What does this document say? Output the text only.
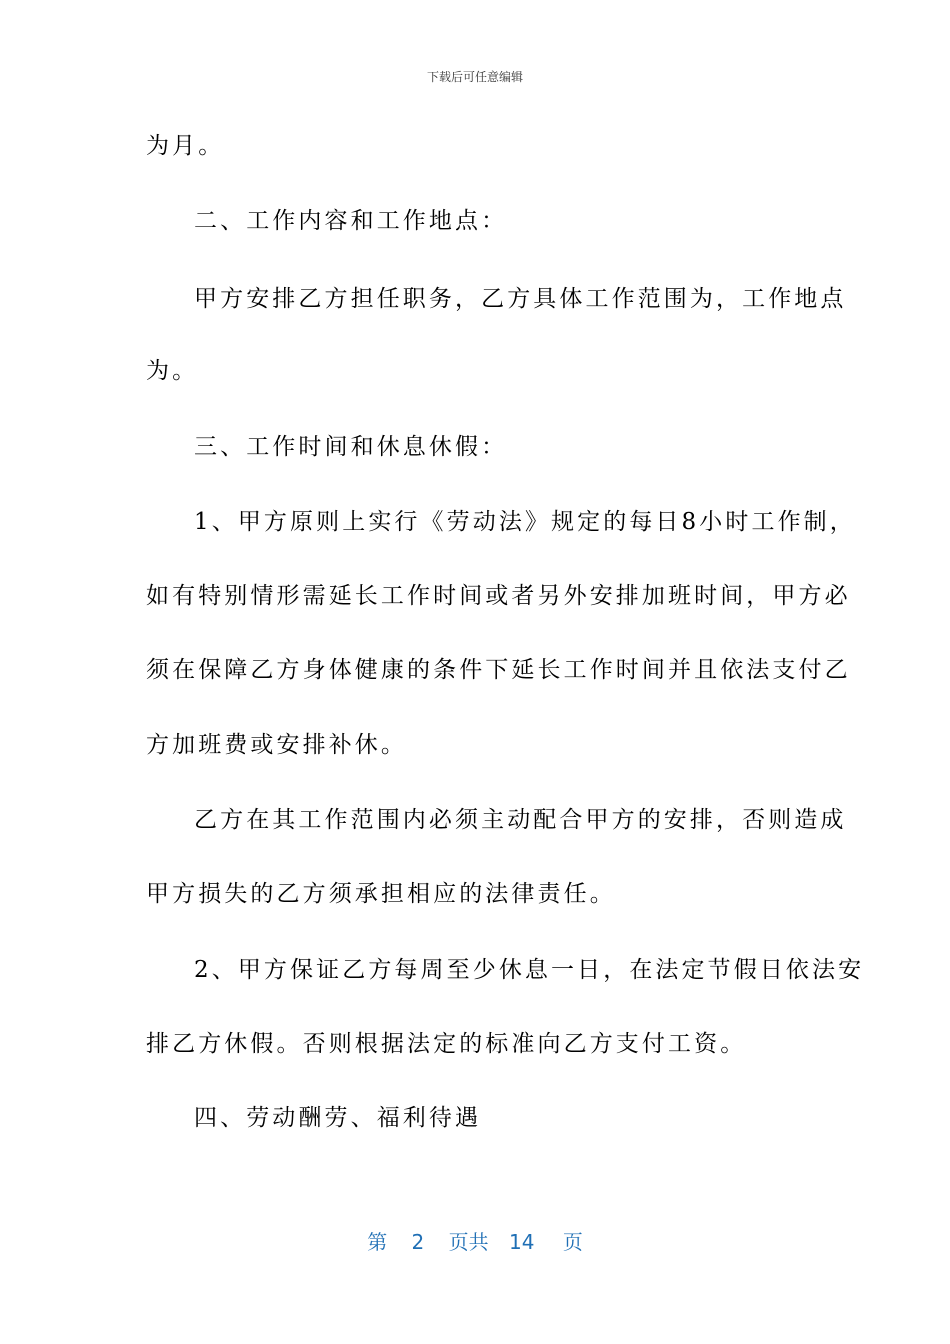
下载后可任意编辑
为月。
二、工作内容和工作地点：
甲方安排乙方担任职务，乙方具体工作范围为，工作地点
为。
三、工作时间和休息休假：
1、甲方原则上实行《劳动法》规定的每日8小时工作制，
如有特别情形需延长工作时间或者另外安排加班时间，甲方必
须在保障乙方身体健康的条件下延长工作时间并且依法支付乙
方加班费或安排补休。
乙方在其工作范围内必须主动配合甲方的安排，否则造成
甲方损失的乙方须承担相应的法律责任。
2、甲方保证乙方每周至少休息一日，在法定节假日依法安
排乙方休假。否则根据法定的标准向乙方支付工资。
四、劳动酬劳、福利待遇
第 2 页共 14 页
